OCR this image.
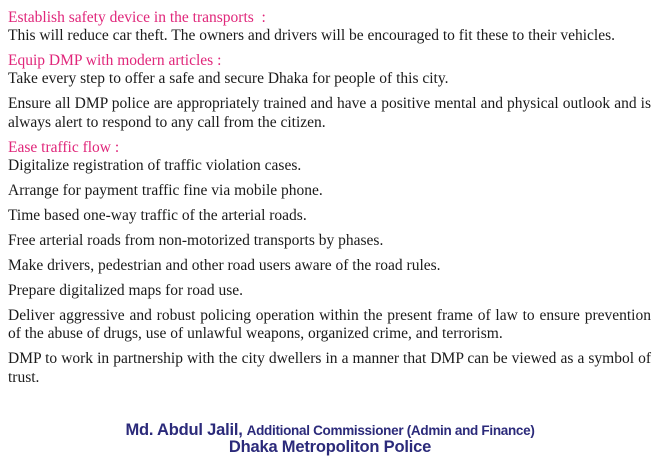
Establish safety device in the transports  :

This will reduce car theft. The owners and drivers will be encouraged to fit these to their vehicles.

Equip DMP with modern articles :

Take every step to offer a safe and secure Dhaka for people of this city.

Ensure all DMP police are appropriately trained and have a positive mental and physical outlook and is always alert to respond to any call from the citizen.

Ease traffic flow :

Digitalize registration of traffic violation cases.

Arrange for payment traffic fine via mobile phone.

Time based one-way traffic of the arterial roads.

Free arterial roads from non-motorized transports by phases.

Make drivers, pedestrian and other road users aware of the road rules.

Prepare digitalized maps for road use.

Deliver aggressive and robust policing operation within the present frame of law to ensure prevention of the abuse of drugs, use of unlawful weapons, organized crime, and terrorism.

DMP to work in partnership with the city dwellers in a manner that DMP can be viewed as a symbol of trust.

Md. Abdul Jalil, Additional Commissioner (Admin and Finance)
Dhaka Metropoliton Police
